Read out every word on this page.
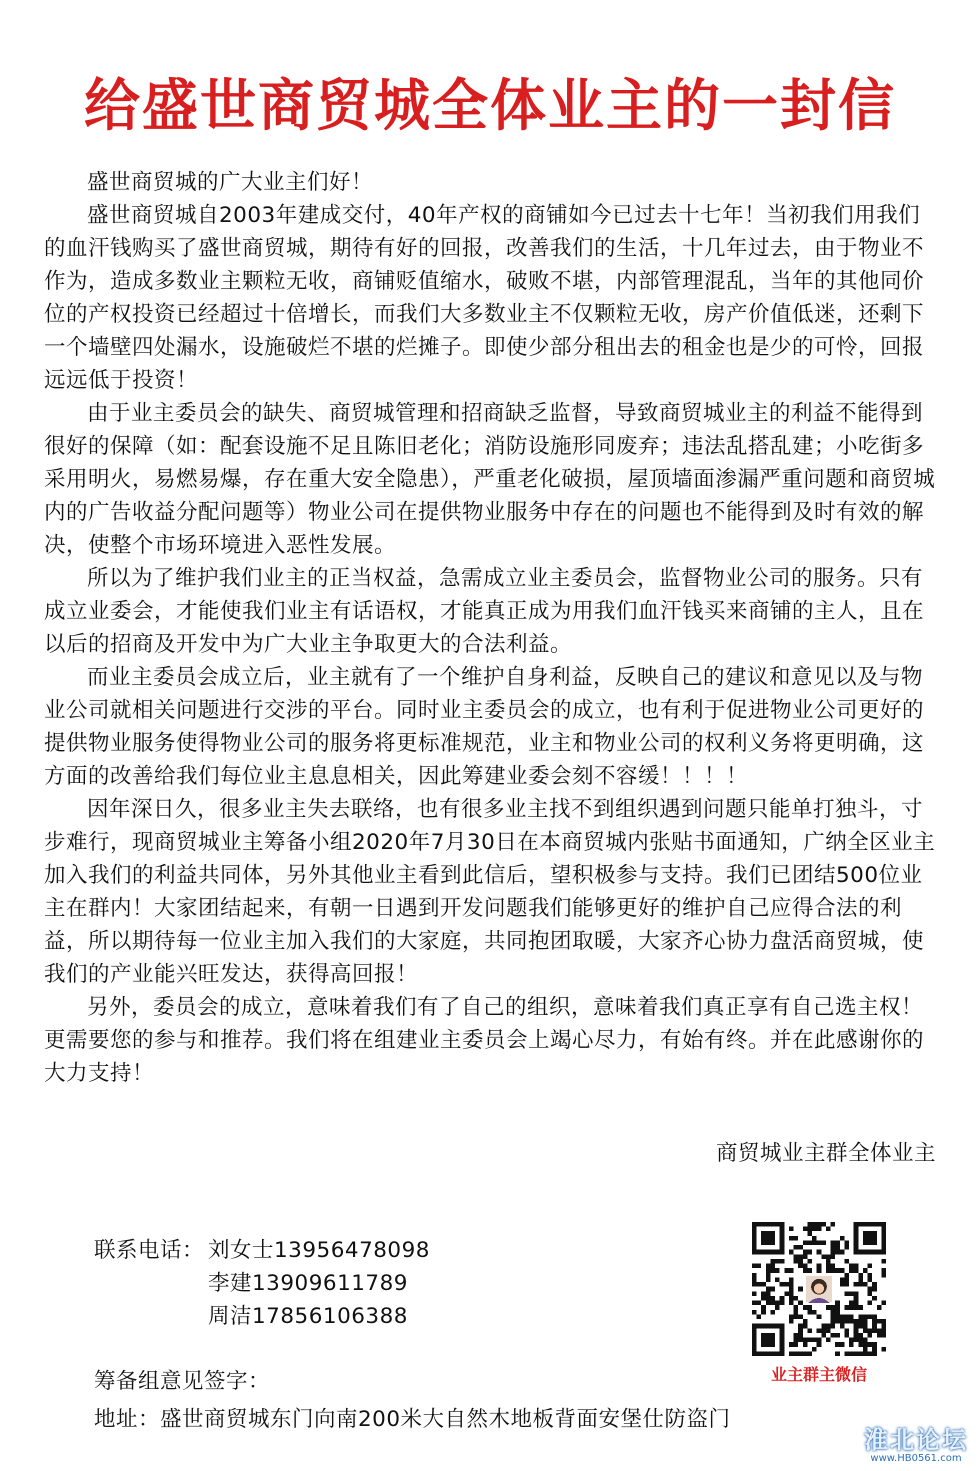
给盛世商贸城全体业主的一封信

盛世商贸城的广大业主们好！

盛世商贸城自2003年建成交付，40年产权的商铺如今已过去十七年！当初我们用我们的血汗钱购买了盛世商贸城，期待有好的回报，改善我们的生活，十几年过去，由于物业不作为，造成多数业主颗粒无收，商铺贬值缩水，破败不堪，内部管理混乱，当年的其他同价位的产权投资已经超过十倍增长，而我们大多数业主不仅颗粒无收，房产价值低迷，还剩下一个墙壁四处漏水，设施破烂不堪的烂摊子。即使少部分租出去的租金也是少的可怜，回报远远低于投资！

由于业主委员会的缺失、商贸城管理和招商缺乏监督，导致商贸城业主的利益不能得到很好的保障（如：配套设施不足且陈旧老化；消防设施形同废弃；违法乱搭乱建；小吃街多采用明火，易燃易爆，存在重大安全隐患），严重老化破损，屋顶墙面渗漏严重问题和商贸城内的广告收益分配问题等）物业公司在提供物业服务中存在的问题也不能得到及时有效的解决，使整个市场环境进入恶性发展。

所以为了维护我们业主的正当权益，急需成立业主委员会，监督物业公司的服务。只有成立业委会，才能使我们业主有话语权，才能真正成为用我们血汗钱买来商铺的主人，且在以后的招商及开发中为广大业主争取更大的合法利益。

而业主委员会成立后，业主就有了一个维护自身利益，反映自己的建议和意见以及与物业公司就相关问题进行交涉的平台。同时业主委员会的成立，也有利于促进物业公司更好的提供物业服务使得物业公司的服务将更标准规范，业主和物业公司的权利义务将更明确，这方面的改善给我们每位业主息息相关，因此筹建业委会刻不容缓！！！！

因年深日久，很多业主失去联络，也有很多业主找不到组织遇到问题只能单打独斗，寸步难行，现商贸城业主筹备小组2020年7月30日在本商贸城内张贴书面通知，广纳全区业主加入我们的利益共同体，另外其他业主看到此信后，望积极参与支持。我们已团结500位业主在群内！大家团结起来，有朝一日遇到开发问题我们能够更好的维护自己应得合法的利益，所以期待每一位业主加入我们的大家庭，共同抱团取暖，大家齐心协力盘活商贸城，使我们的产业能兴旺发达，获得高回报！

另外，委员会的成立，意味着我们有了自己的组织，意味着我们真正享有自己选主权！更需要您的参与和推荐。我们将在组建业主委员会上竭心尽力，有始有终。并在此感谢你的大力支持！

商贸城业主群全体业主
联系电话： 刘女士13956478098
李建13909611789
周洁17856106388
筹备组意见签字：
地址：盛世商贸城东门向南200米大自然木地板背面安堡仕防盗门
业主群主微信
淮北论坛
www.HB0561.com
